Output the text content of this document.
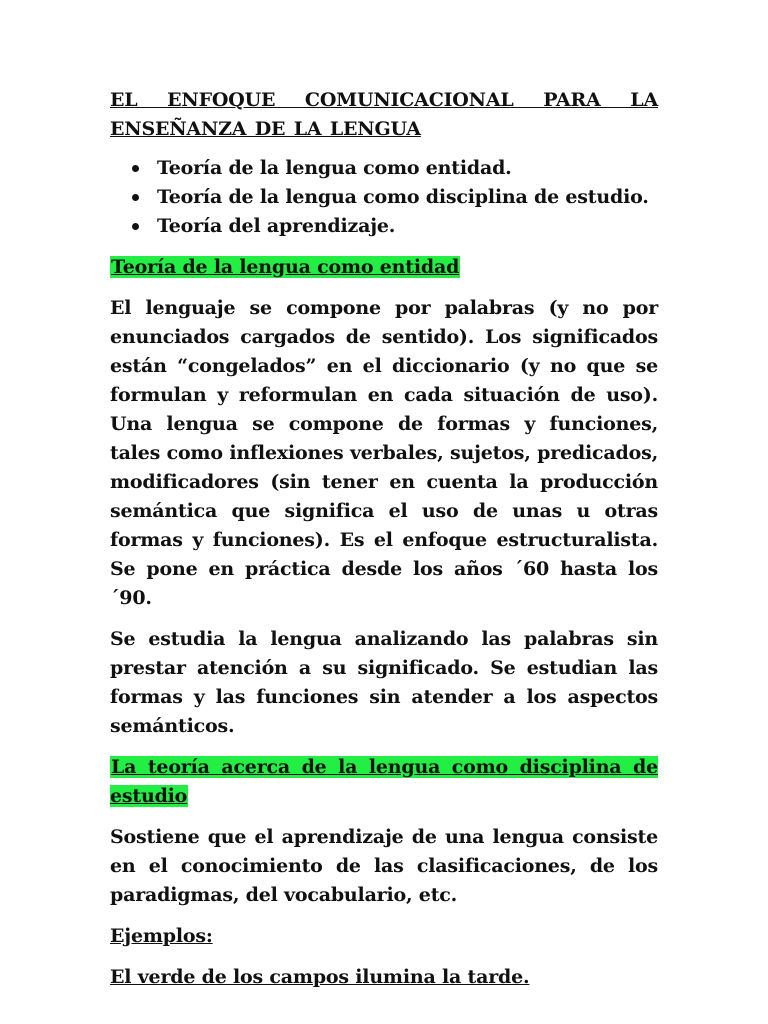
EL ENFOQUE COMUNICACIONAL PARA LA
ENSEÑANZA DE LA LENGUA
Teoría de la lengua como entidad.
Teoría de la lengua como disciplina de estudio.
Teoría del aprendizaje.
Teoría de la lengua como entidad

El lenguaje se compone por palabras (y no por enunciados cargados de sentido). Los significados están “congelados” en el diccionario (y no que se formulan y reformulan en cada situación de uso). Una lengua se compone de formas y funciones, tales como inflexiones verbales, sujetos, predicados, modificadores (sin tener en cuenta la producción semántica que significa el uso de unas u otras formas y funciones). Es el enfoque estructuralista. Se pone en práctica desde los años ´60 hasta los ´90.

Se estudia la lengua analizando las palabras sin prestar atención a su significado. Se estudian las formas y las funciones sin atender a los aspectos semánticos.

La teoría acerca de la lengua como disciplina de estudio

Sostiene que el aprendizaje de una lengua consiste en el conocimiento de las clasificaciones, de los paradigmas, del vocabulario, etc.

Ejemplos:

El verde de los campos ilumina la tarde.
